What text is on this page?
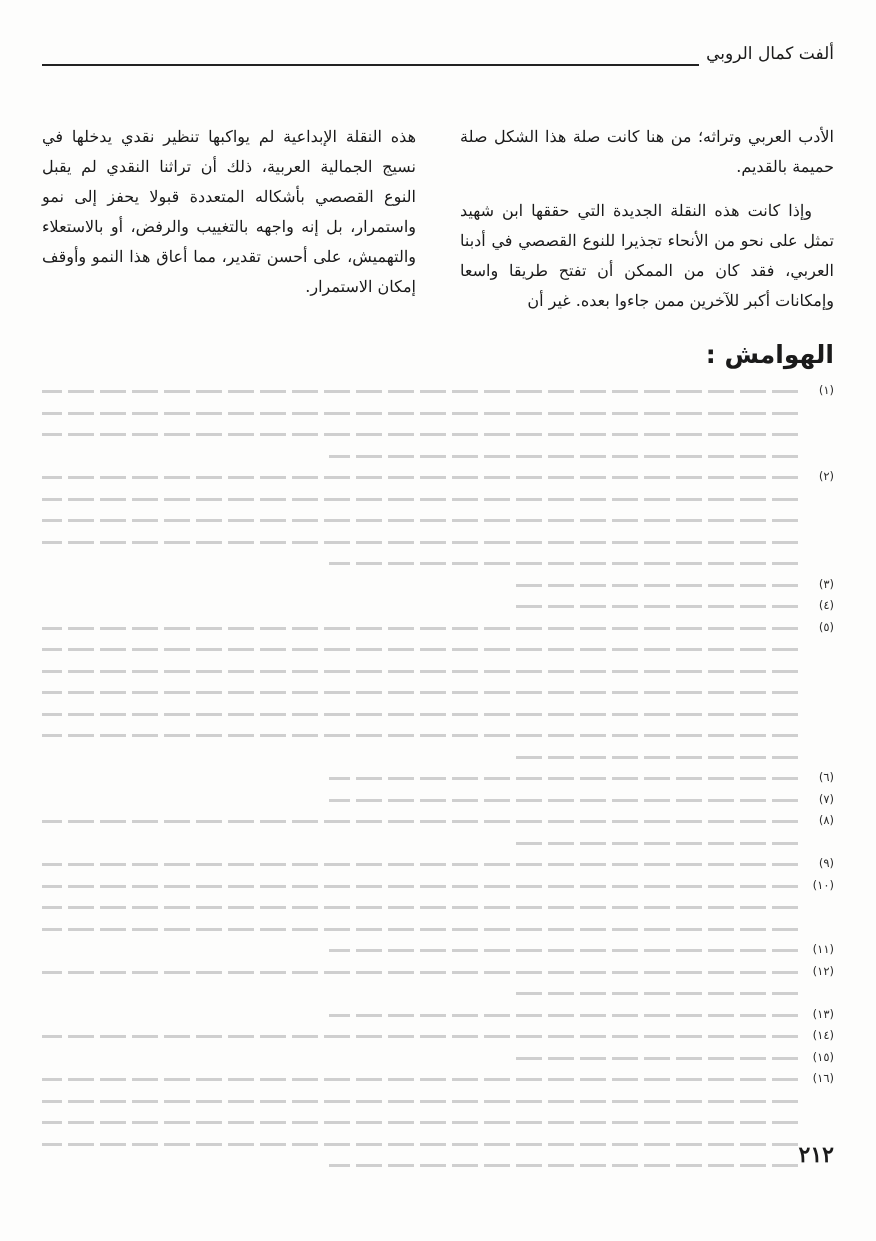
ألفت كمال الروبي

الأدب العربي وتراثه؛ من هنا كانت صلة هذا الشكل صلة حميمة بالقديم.

وإذا كانت هذه النقلة الجديدة التي حققها ابن شهيد تمثل على نحو من الأنحاء تجذيرا للنوع القصصي في أدبنا العربي، فقد كان من الممكن أن تفتح طريقا واسعا وإمكانات أكبر للآخرين ممن جاءوا بعده. غير أن

هذه النقلة الإبداعية لم يواكبها تنظير نقدي يدخلها في نسيج الجمالية العربية، ذلك أن تراثنا النقدي لم يقبل النوع القصصي بأشكاله المتعددة قبولا يحفز إلى نمو واستمرار، بل إنه واجهه بالتغييب والرفض، أو بالاستعلاء والتهميش، على أحسن تقدير، مما أعاق هذا النمو وأوقف إمكان الاستمرار.

الهوامش :
(١)
(٢)
(٣)
(٤)
(٥)
(٦)
(٧)
(٨)
(٩)
(١٠)
(١١)
(١٢)
(١٣)
(١٤)
(١٥)
(١٦)
٢١٢
